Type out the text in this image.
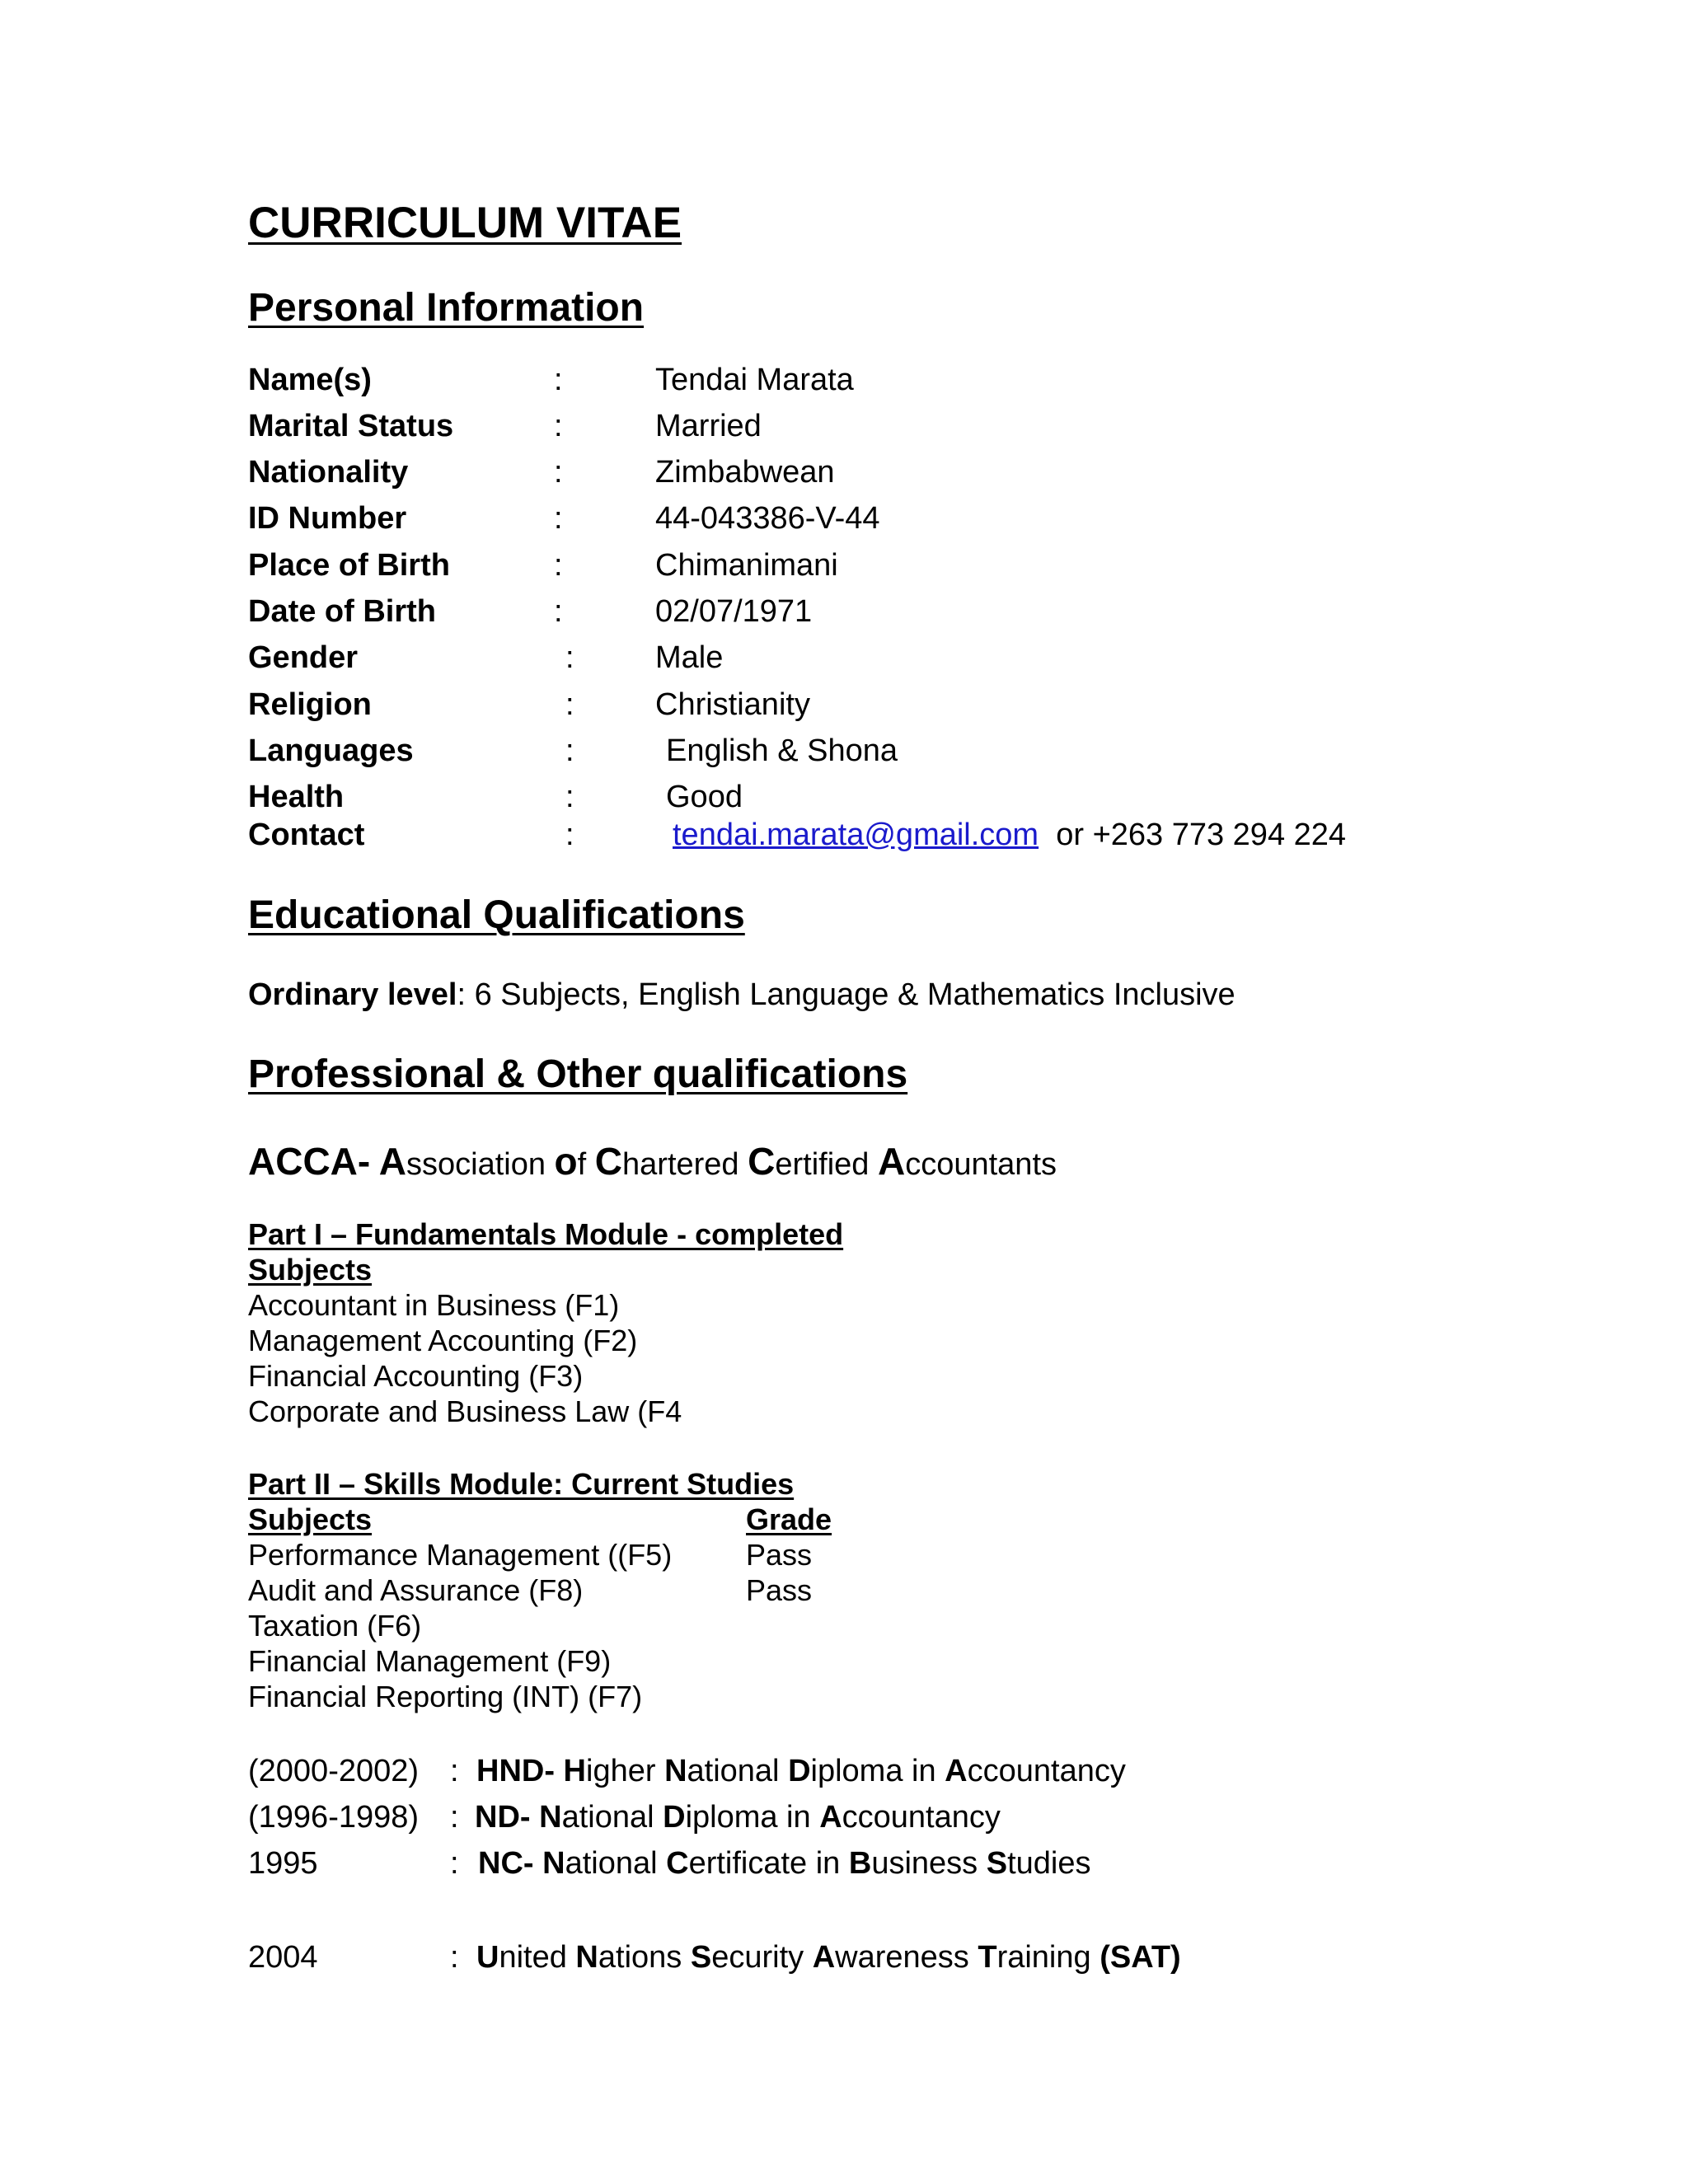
CURRICULUM VITAE
Personal Information
Name(s)	:	Tendai Marata
Marital Status	:	Married
Nationality	:	Zimbabwean
ID Number	:	44-043386-V-44
Place of Birth	:	Chimanimani
Date of Birth	:	02/07/1971
Gender	:	Male
Religion	:	Christianity
Languages	:	English & Shona
Health	:	Good
Contact	:	tendai.marata@gmail.com or +263 773 294 224
Educational Qualifications
Ordinary level: 6 Subjects, English Language & Mathematics Inclusive
Professional & Other qualifications
ACCA- Association of Chartered Certified Accountants
Part I – Fundamentals Module - completed
Subjects
Accountant in Business (F1)
Management Accounting (F2)
Financial Accounting (F3)
Corporate and Business Law (F4
Part II – Skills Module: Current Studies
Subjects	Grade
Performance Management ((F5) Pass
Audit and Assurance (F8)	Pass
Taxation (F6)
Financial Management (F9)
Financial Reporting (INT) (F7)
(2000-2002) : HND- Higher National Diploma in Accountancy
(1996-1998) : ND- National Diploma in Accountancy
1995	: NC- National Certificate in Business Studies
2004	: United Nations Security Awareness Training (SAT)
